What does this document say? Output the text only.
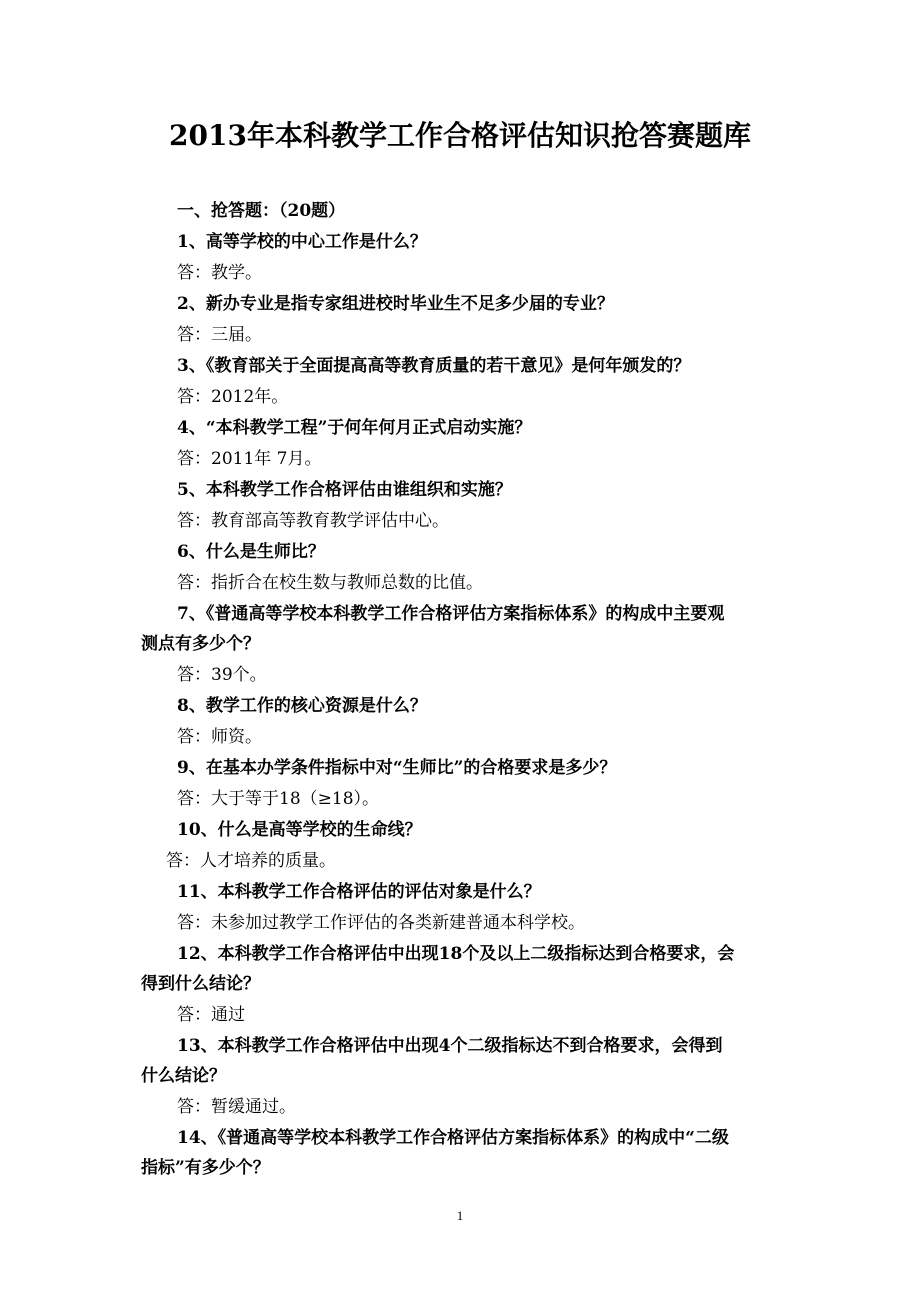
2013年本科教学工作合格评估知识抢答赛题库
一、抢答题：（20题）
1、高等学校的中心工作是什么？
答：教学。
2、新办专业是指专家组进校时毕业生不足多少届的专业？
答：三届。
3、《教育部关于全面提高高等教育质量的若干意见》是何年颁发的？
答：2012年。
4、“本科教学工程”于何年何月正式启动实施？
答：2011年 7月。
5、本科教学工作合格评估由谁组织和实施？
答：教育部高等教育教学评估中心。
6、什么是生师比？
答：指折合在校生数与教师总数的比值。
7、《普通高等学校本科教学工作合格评估方案指标体系》的构成中主要观
测点有多少个？
答：39个。
8、教学工作的核心资源是什么？
答：师资。
9、在基本办学条件指标中对“生师比”的合格要求是多少？
答：大于等于18（≥18）。
10、什么是高等学校的生命线？
答：人才培养的质量。
11、本科教学工作合格评估的评估对象是什么？
答：未参加过教学工作评估的各类新建普通本科学校。
12、本科教学工作合格评估中出现18个及以上二级指标达到合格要求，会
得到什么结论？
答：通过
13、本科教学工作合格评估中出现4个二级指标达不到合格要求，会得到
什么结论？
答：暂缓通过。
14、《普通高等学校本科教学工作合格评估方案指标体系》的构成中“二级
指标”有多少个？
1
